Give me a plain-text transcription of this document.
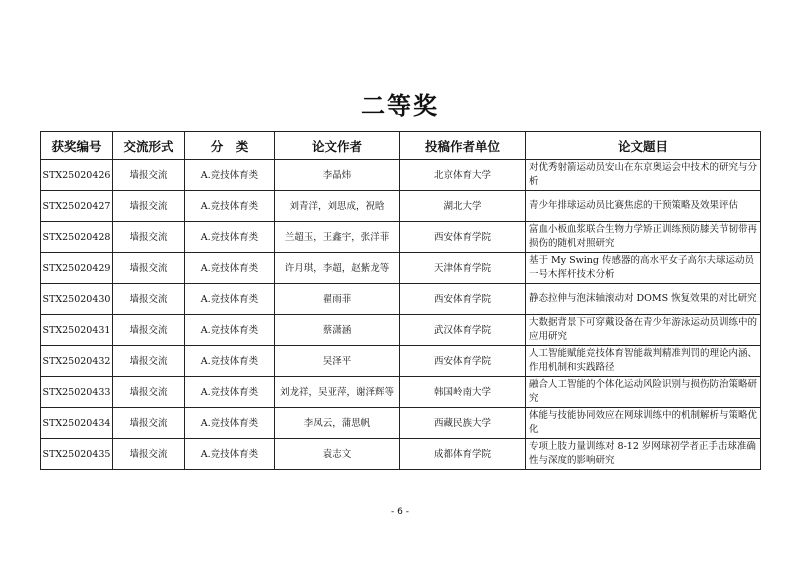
二等奖
获奖编号	交流形式	分　类	论文作者	投稿作者单位	论文题目
STX25020426	墙报交流	A.竞技体育类	李晶炜	北京体育大学	对优秀射箭运动员安山在东京奥运会中技术的研究与分析
STX25020427	墙报交流	A.竞技体育类	刘青洋，刘思成，祝晗	湖北大学	青少年排球运动员比赛焦虑的干预策略及效果评估
STX25020428	墙报交流	A.竞技体育类	兰超玉，王鑫宇，张洋菲	西安体育学院	富血小板血浆联合生物力学矫正训练预防膝关节韧带再损伤的随机对照研究
STX25020429	墙报交流	A.竞技体育类	许月琪，李超，赵紫龙等	天津体育学院	基于 My Swing 传感器的高水平女子高尔夫球运动员一号木挥杆技术分析
STX25020430	墙报交流	A.竞技体育类	翟雨菲	西安体育学院	静态拉伸与泡沫轴滚动对 DOMS 恢复效果的对比研究
STX25020431	墙报交流	A.竞技体育类	蔡潇涵	武汉体育学院	大数据背景下可穿戴设备在青少年游泳运动员训练中的应用研究
STX25020432	墙报交流	A.竞技体育类	吴泽平	西安体育学院	人工智能赋能竞技体育智能裁判精准判罚的理论内涵、作用机制和实践路径
STX25020433	墙报交流	A.竞技体育类	刘龙祥，吴亚萍，谢泽辉等	韩国岭南大学	融合人工智能的个体化运动风险识别与损伤防治策略研究
STX25020434	墙报交流	A.竞技体育类	李凤云，蒲思帆	西藏民族大学	体能与技能协同效应在网球训练中的机制解析与策略优化
STX25020435	墙报交流	A.竞技体育类	袁志文	成都体育学院	专项上肢力量训练对 8-12 岁网球初学者正手击球准确性与深度的影响研究
- 6 -
